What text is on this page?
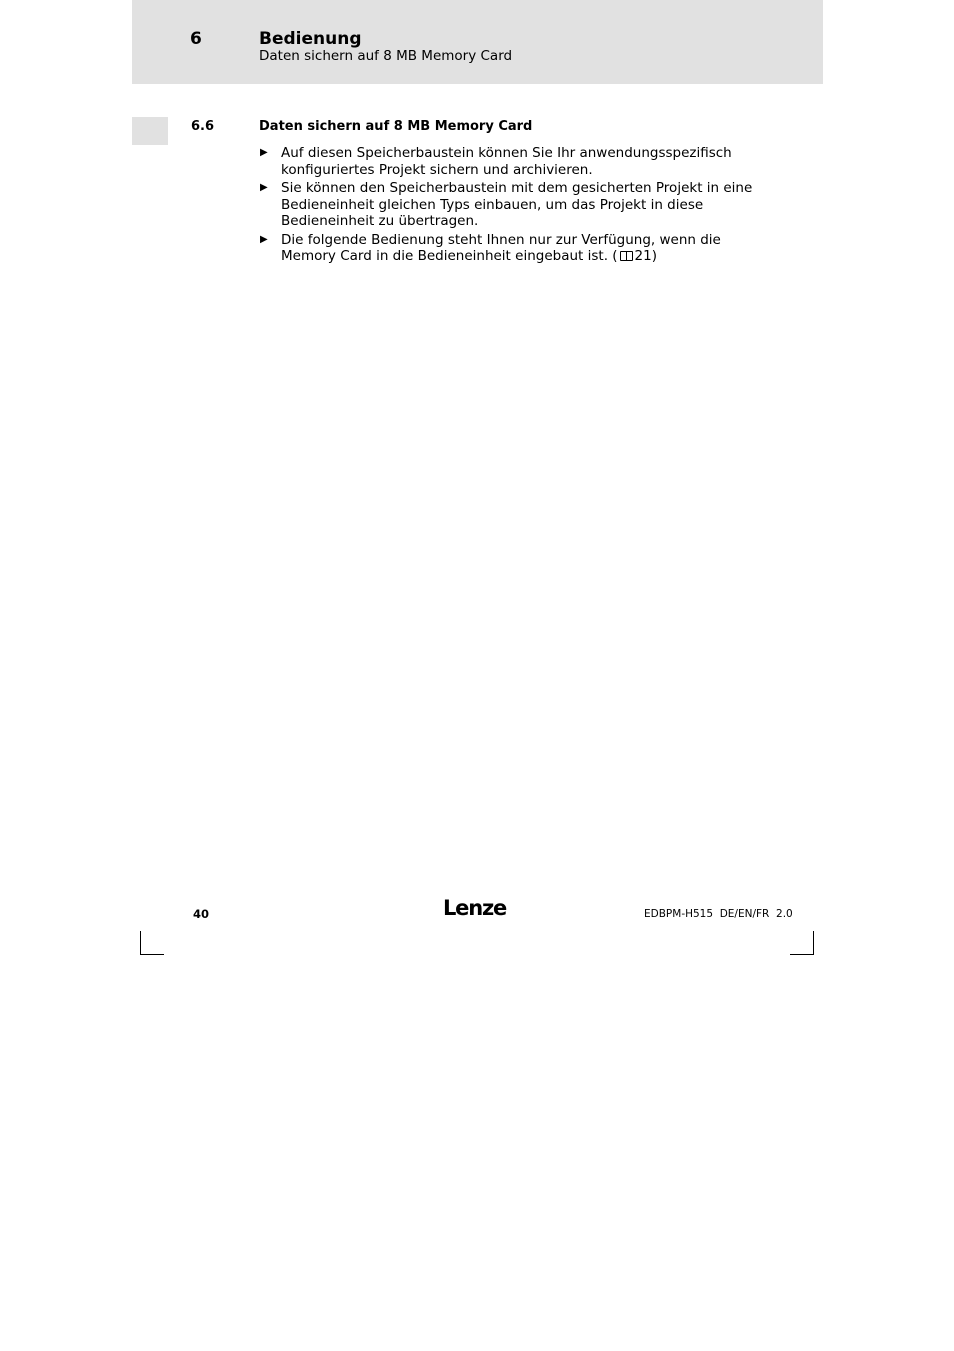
6	Bedienung
Daten sichern auf 8 MB Memory Card
6.6	Daten sichern auf 8 MB Memory Card
▶ Auf diesen Speicherbaustein können Sie Ihr anwendungsspezifisch konfiguriertes Projekt sichern und archivieren.
▶ Sie können den Speicherbaustein mit dem gesicherten Projekt in eine Bedieneinheit gleichen Typs einbauen, um das Projekt in diese Bedieneinheit zu übertragen.
▶ Die folgende Bedienung steht Ihnen nur zur Verfügung, wenn die Memory Card in die Bedieneinheit eingebaut ist. ( 21)
40	Lenze	EDBPM-H515  DE/EN/FR  2.0
